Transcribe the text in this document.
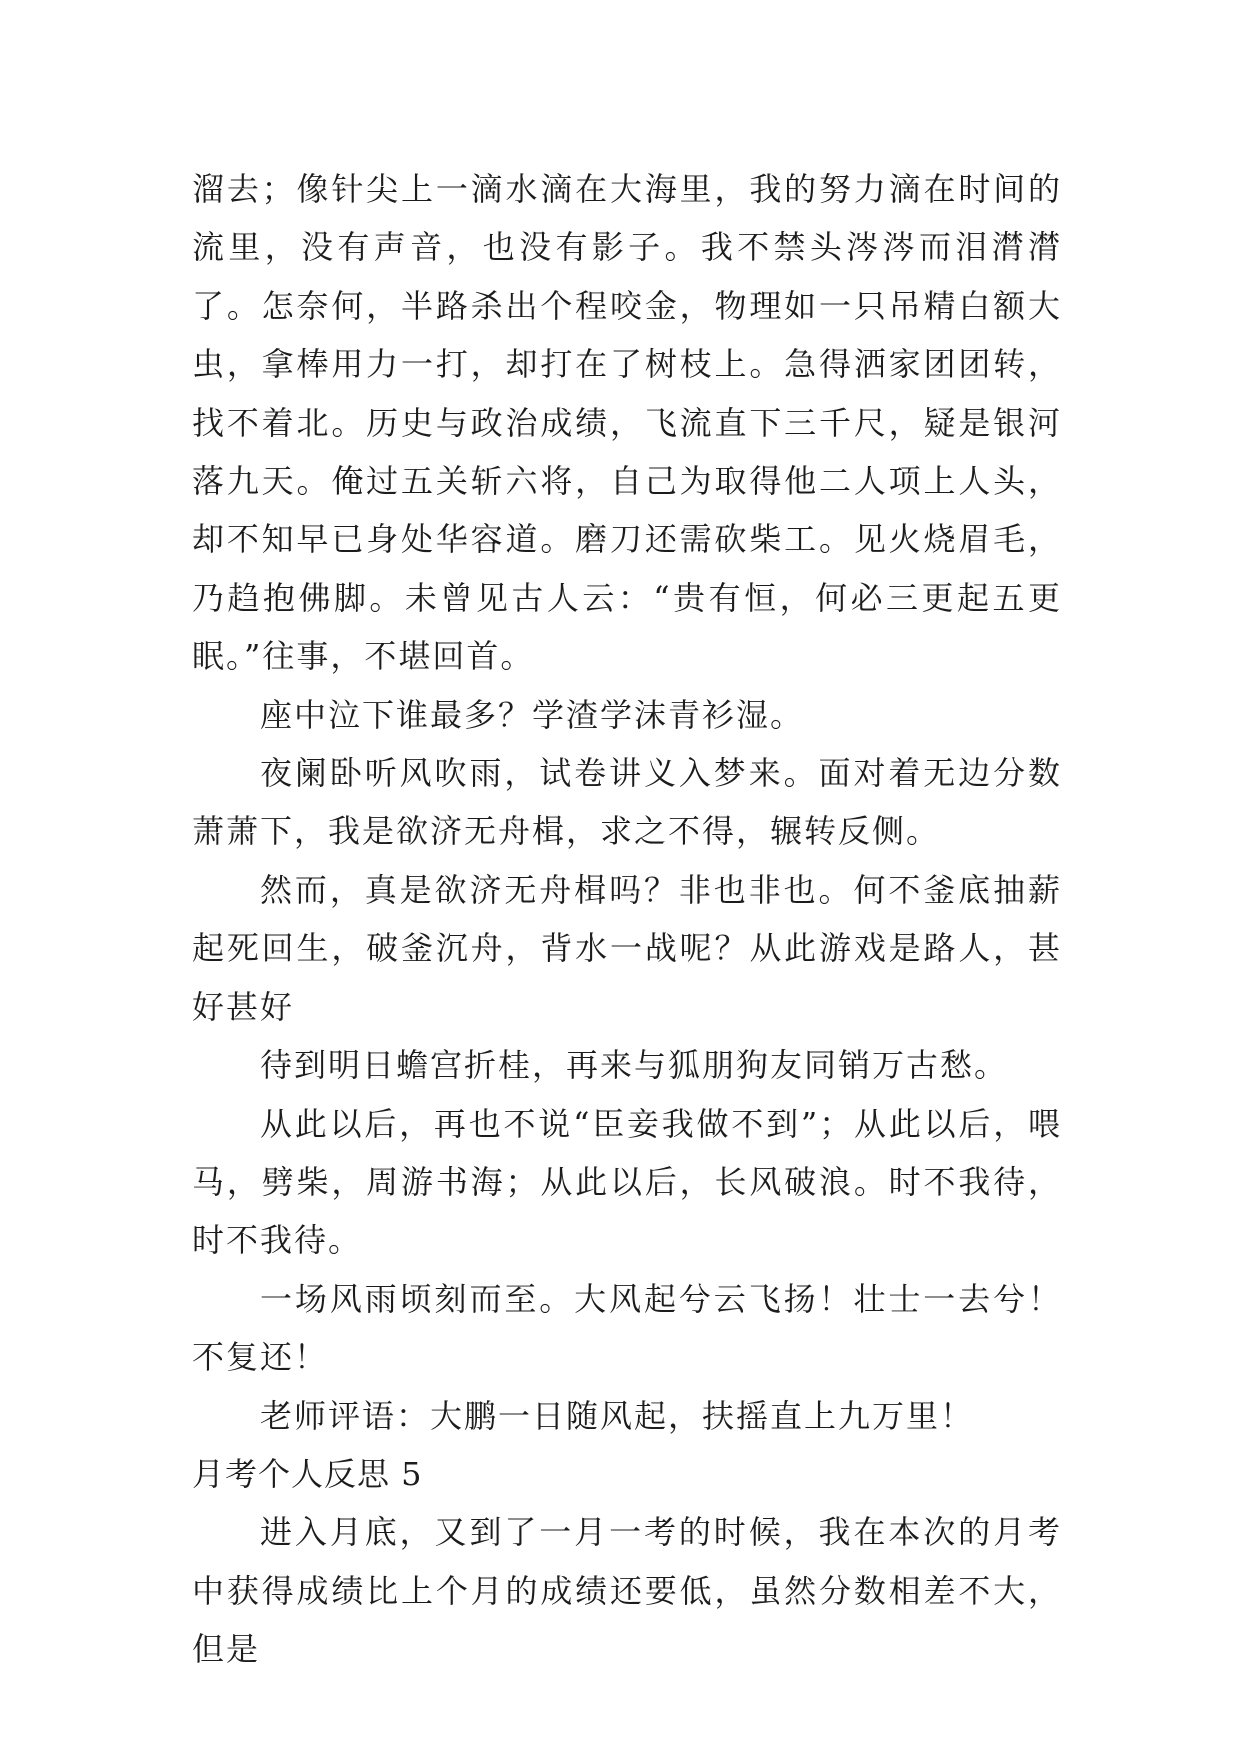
溜去；像针尖上一滴水滴在大海里，我的努力滴在时间的流里，没有声音，也没有影子。我不禁头涔涔而泪潸潸了。怎奈何，半路杀出个程咬金，物理如一只吊精白额大虫，拿棒用力一打，却打在了树枝上。急得洒家团团转，找不着北。历史与政治成绩，飞流直下三千尺，疑是银河落九天。俺过五关斩六将，自己为取得他二人项上人头，却不知早已身处华容道。磨刀还需砍柴工。见火烧眉毛，乃趋抱佛脚。未曾见古人云：“贵有恒，何必三更起五更眠。”往事，不堪回首。

座中泣下谁最多？学渣学沫青衫湿。

夜阑卧听风吹雨，试卷讲义入梦来。面对着无边分数萧萧下，我是欲济无舟楫，求之不得，辗转反侧。

然而，真是欲济无舟楫吗？非也非也。何不釜底抽薪起死回生，破釜沉舟，背水一战呢？从此游戏是路人，甚好甚好

待到明日蟾宫折桂，再来与狐朋狗友同销万古愁。

从此以后，再也不说“臣妾我做不到”；从此以后，喂马，劈柴，周游书海；从此以后，长风破浪。时不我待，时不我待。

一场风雨顷刻而至。大风起兮云飞扬！壮士一去兮！不复还！

老师评语：大鹏一日随风起，扶摇直上九万里！

月考个人反思 5

进入月底，又到了一月一考的时候，我在本次的月考中获得成绩比上个月的成绩还要低，虽然分数相差不大，但是
